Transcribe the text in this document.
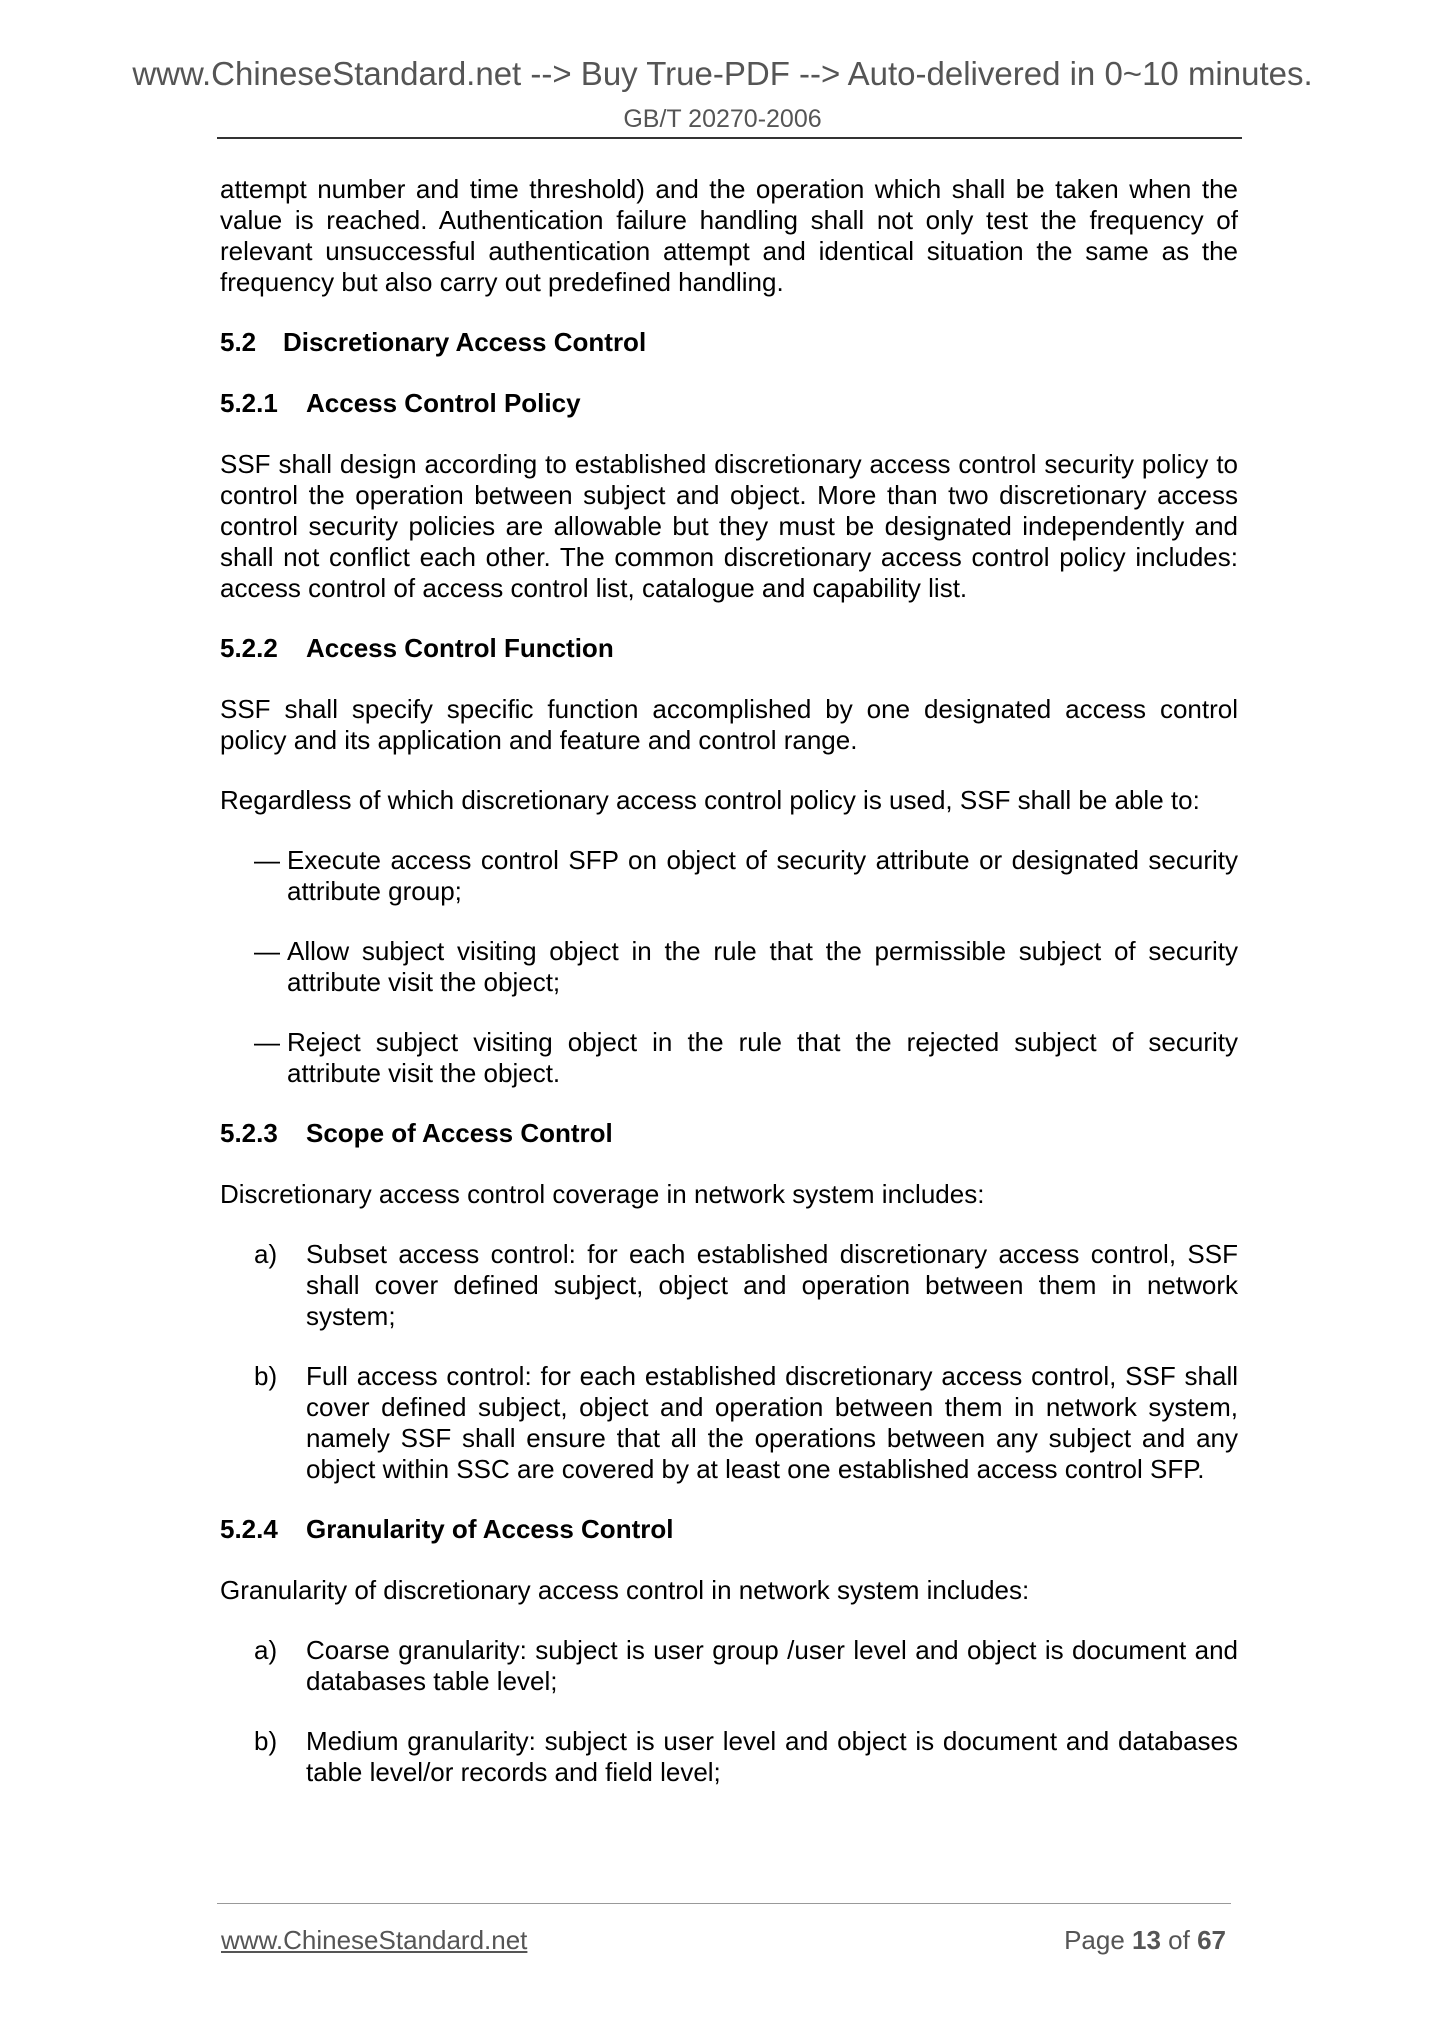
www.ChineseStandard.net --> Buy True-PDF --> Auto-delivered in 0~10 minutes.
GB/T 20270-2006

attempt number and time threshold) and the operation which shall be taken when the value is reached. Authentication failure handling shall not only test the frequency of relevant unsuccessful authentication attempt and identical situation the same as the frequency but also carry out predefined handling.

5.2 Discretionary Access Control
5.2.1 Access Control Policy

SSF shall design according to established discretionary access control security policy to control the operation between subject and object. More than two discretionary access control security policies are allowable but they must be designated independently and shall not conflict each other. The common discretionary access control policy includes: access control of access control list, catalogue and capability list.

5.2.2 Access Control Function

SSF shall specify specific function accomplished by one designated access control policy and its application and feature and control range.

Regardless of which discretionary access control policy is used, SSF shall be able to:

— Execute access control SFP on object of security attribute or designated security attribute group;
— Allow subject visiting object in the rule that the permissible subject of security attribute visit the object;
— Reject subject visiting object in the rule that the rejected subject of security attribute visit the object.
5.2.3 Scope of Access Control

Discretionary access control coverage in network system includes:

a) Subset access control: for each established discretionary access control, SSF shall cover defined subject, object and operation between them in network system;
b) Full access control: for each established discretionary access control, SSF shall cover defined subject, object and operation between them in network system, namely SSF shall ensure that all the operations between any subject and any object within SSC are covered by at least one established access control SFP.
5.2.4 Granularity of Access Control

Granularity of discretionary access control in network system includes:

a) Coarse granularity: subject is user group /user level and object is document and databases table level;
b) Medium granularity: subject is user level and object is document and databases table level/or records and field level;
www.ChineseStandard.net	Page 13 of 67
